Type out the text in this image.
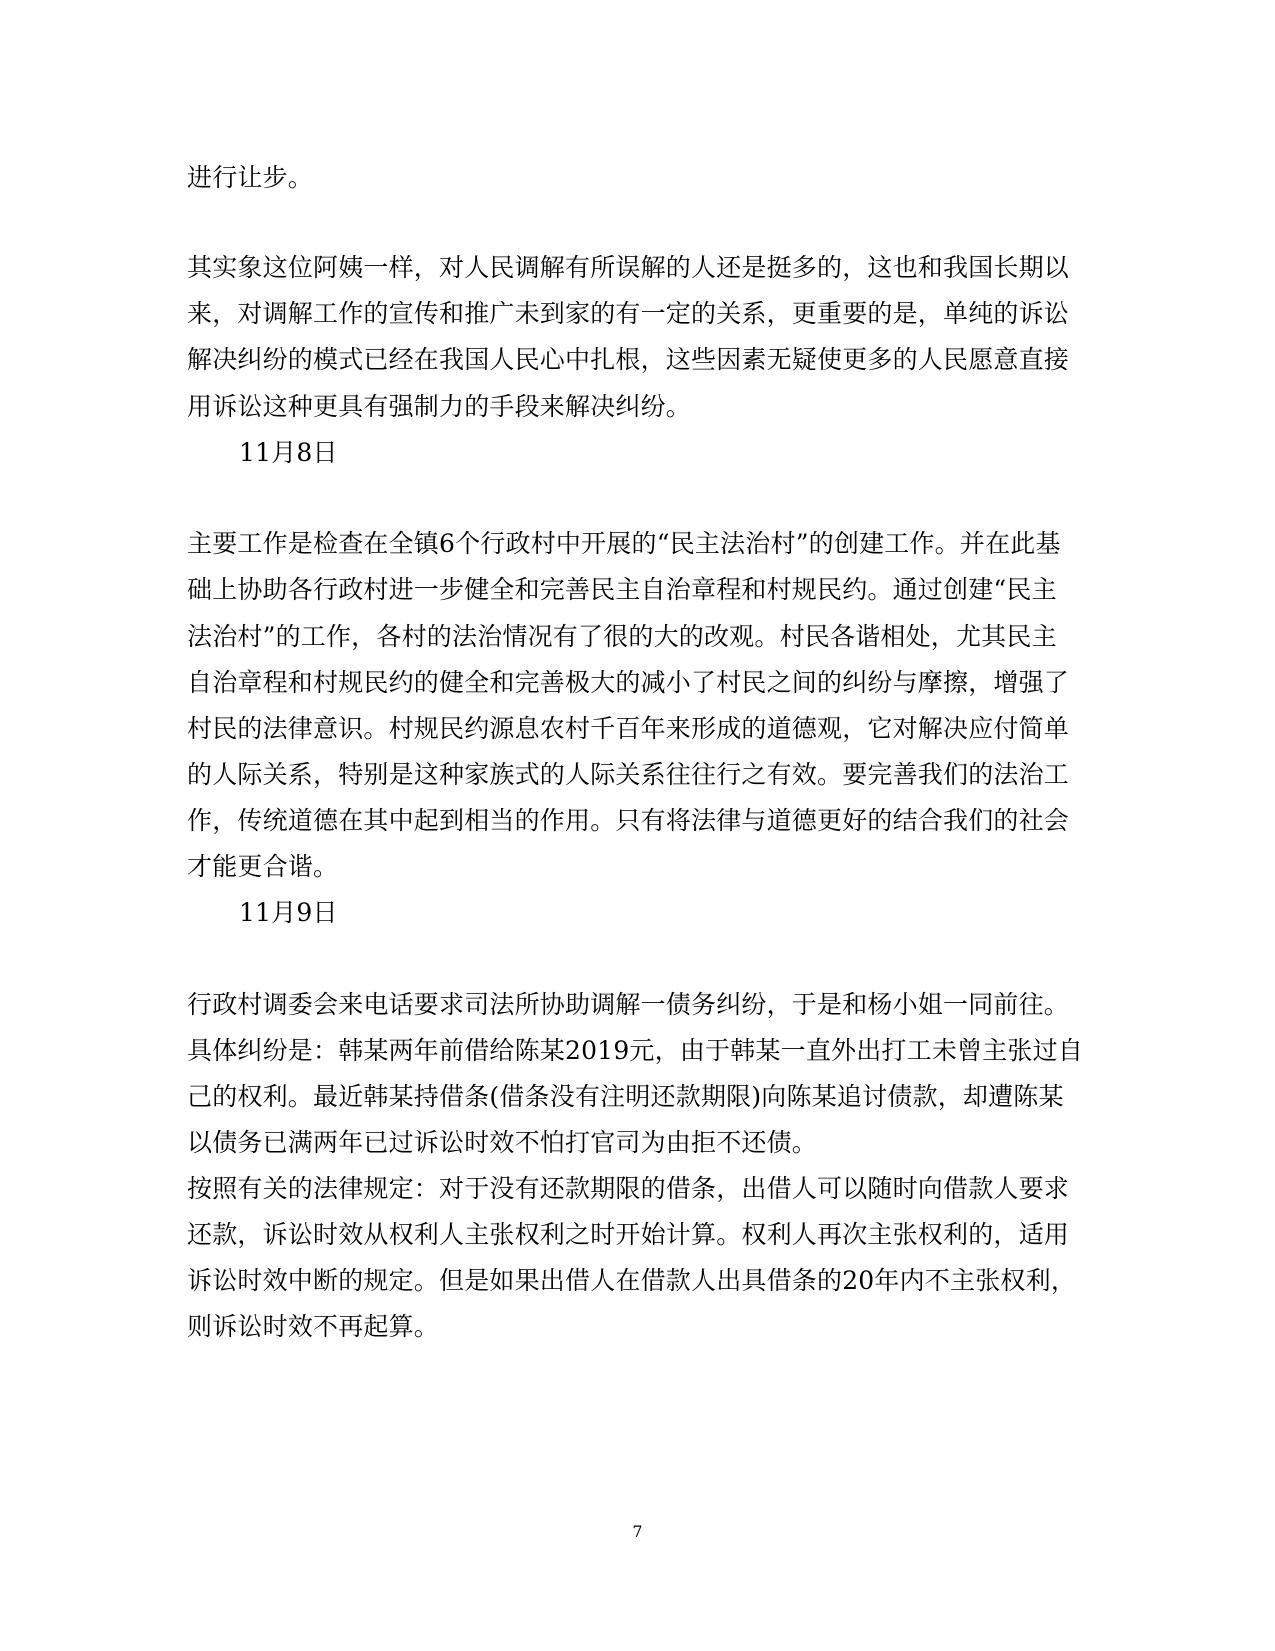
进行让步。
其实象这位阿姨一样，对人民调解有所误解的人还是挺多的，这也和我国长期以
来，对调解工作的宣传和推广未到家的有一定的关系，更重要的是，单纯的诉讼
解决纠纷的模式已经在我国人民心中扎根，这些因素无疑使更多的人民愿意直接
用诉讼这种更具有强制力的手段来解决纠纷。
11月8日
主要工作是检查在全镇6个行政村中开展的“民主法治村”的创建工作。并在此基
础上协助各行政村进一步健全和完善民主自治章程和村规民约。通过创建“民主
法治村”的工作，各村的法治情况有了很的大的改观。村民各谐相处，尤其民主
自治章程和村规民约的健全和完善极大的减小了村民之间的纠纷与摩擦，增强了
村民的法律意识。村规民约源息农村千百年来形成的道德观，它对解决应付简单
的人际关系，特别是这种家族式的人际关系往往行之有效。要完善我们的法治工
作，传统道德在其中起到相当的作用。只有将法律与道德更好的结合我们的社会
才能更合谐。
11月9日
行政村调委会来电话要求司法所协助调解一债务纠纷，于是和杨小姐一同前往。
具体纠纷是：韩某两年前借给陈某2019元，由于韩某一直外出打工未曾主张过自
己的权利。最近韩某持借条(借条没有注明还款期限)向陈某追讨债款，却遭陈某
以债务已满两年已过诉讼时效不怕打官司为由拒不还债。
按照有关的法律规定：对于没有还款期限的借条，出借人可以随时向借款人要求
还款，诉讼时效从权利人主张权利之时开始计算。权利人再次主张权利的，适用
诉讼时效中断的规定。但是如果出借人在借款人出具借条的20年内不主张权利，
则诉讼时效不再起算。
7
